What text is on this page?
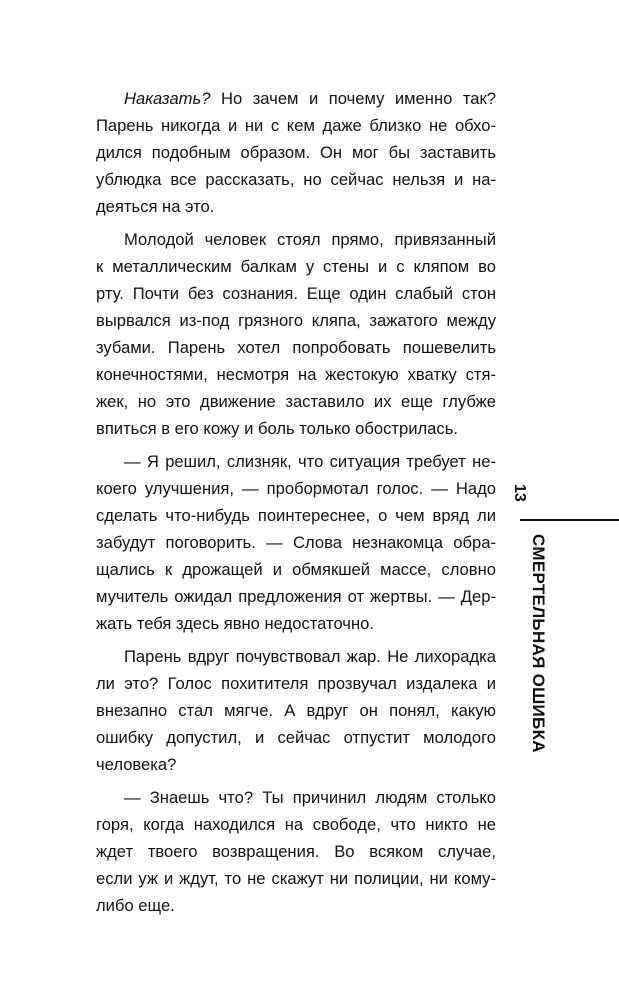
Наказать? Но зачем и почему именно так?
Парень никогда и ни с кем даже близко не обхо-
дился подобным образом. Он мог бы заставить
ублюдка все рассказать, но сейчас нельзя и на-
деяться на это.
Молодой человек стоял прямо, привязанный
к металлическим балкам у стены и с кляпом во
рту. Почти без сознания. Еще один слабый стон
вырвался из-под грязного кляпа, зажатого между
зубами. Парень хотел попробовать пошевелить
конечностями, несмотря на жестокую хватку стя-
жек, но это движение заставило их еще глубже
впиться в его кожу и боль только обострилась.
— Я решил, слизняк, что ситуация требует не-
коего улучшения, — пробормотал голос. — Надо
сделать что-нибудь поинтереснее, о чем вряд ли
забудут поговорить. — Слова незнакомца обра-
щались к дрожащей и обмякшей массе, словно
мучитель ожидал предложения от жертвы. — Дер-
жать тебя здесь явно недостаточно.
Парень вдруг почувствовал жар. Не лихорадка
ли это? Голос похитителя прозвучал издалека и
внезапно стал мягче. А вдруг он понял, какую
ошибку допустил, и сейчас отпустит молодого
человека?
— Знаешь что? Ты причинил людям столько
горя, когда находился на свободе, что никто не
ждет твоего возвращения. Во всяком случае,
если уж и ждут, то не скажут ни полиции, ни кому-
либо еще.
13
СМЕРТЕЛЬНАЯ ОШИБКА
